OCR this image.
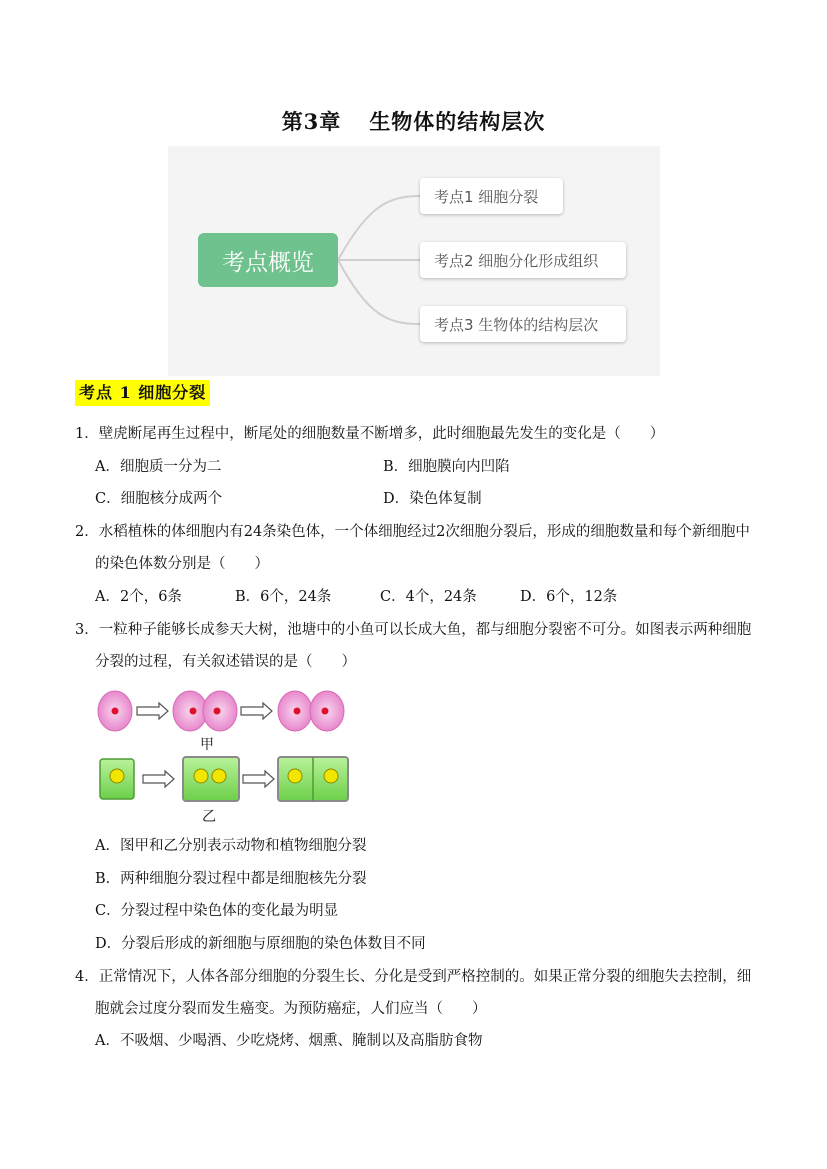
第3章 生物体的结构层次
考点概览
考点1 细胞分裂
考点2 细胞分化形成组织
考点3 生物体的结构层次
考点 1 细胞分裂
1．壁虎断尾再生过程中，断尾处的细胞数量不断增多，此时细胞最先发生的变化是（　　）
A．细胞质一分为二	B．细胞膜向内凹陷
C．细胞核分成两个	D．染色体复制
2．水稻植株的体细胞内有24条染色体，一个体细胞经过2次细胞分裂后，形成的细胞数量和每个新细胞中
的染色体数分别是（　　）
A．2个，6条	B．6个，24条	C．4个，24条	D．6个，12条
3．一粒种子能够长成参天大树，池塘中的小鱼可以长成大鱼，都与细胞分裂密不可分。如图表示两种细胞
分裂的过程，有关叙述错误的是（　　）
甲
乙
A．图甲和乙分别表示动物和植物细胞分裂
B．两种细胞分裂过程中都是细胞核先分裂
C．分裂过程中染色体的变化最为明显
D．分裂后形成的新细胞与原细胞的染色体数目不同
4．正常情况下，人体各部分细胞的分裂生长、分化是受到严格控制的。如果正常分裂的细胞失去控制，细
胞就会过度分裂而发生癌变。为预防癌症，人们应当（　　）
A．不吸烟、少喝酒、少吃烧烤、烟熏、腌制以及高脂肪食物
